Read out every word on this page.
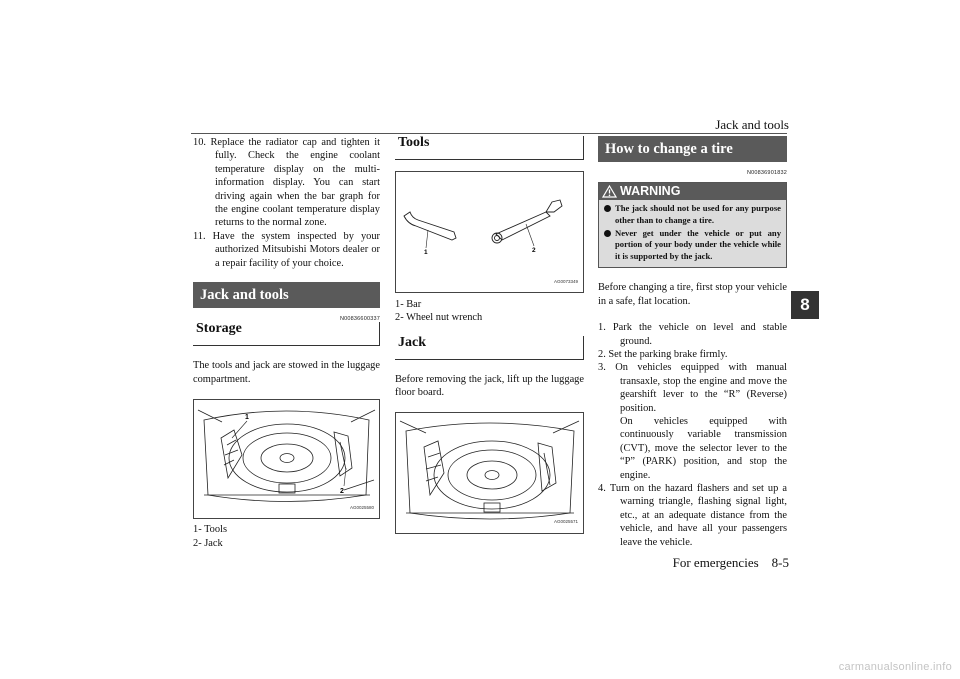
Jack and tools
8
For emergencies 8-5

10. Replace the radiator cap and tighten it fully. Check the engine coolant temperature display on the multi-information display. You can start driving again when the bar graph for the engine coolant temperature display returns to the normal zone.

11. Have the system inspected by your authorized Mitsubishi Motors dealer or a repair facility of your choice.

Jack and tools
N00836600337
Storage

The tools and jack are stowed in the luggage compartment.

1
2
AG0025580
1- Tools
2- Jack
Tools
1	2
AG0073349
1- Bar
2- Wheel nut wrench
Jack

Before removing the jack, lift up the luggage floor board.

AG0025571
How to change a tire
N00836901832
WARNING
The jack should not be used for any purpose other than to change a tire.
Never get under the vehicle or put any portion of your body under the vehicle while it is supported by the jack.

Before changing a tire, first stop your vehicle in a safe, flat location.

1. Park the vehicle on level and stable ground.

2. Set the parking brake firmly.

3. On vehicles equipped with manual transaxle, stop the engine and move the gearshift lever to the “R” (Reverse) position.

On vehicles equipped with continuously variable transmission (CVT), move the selector lever to the “P” (PARK) position, and stop the engine.

4. Turn on the hazard flashers and set up a warning triangle, flashing signal light, etc., at an adequate distance from the vehicle, and have all your passengers leave the vehicle.

carmanualsonline.info
